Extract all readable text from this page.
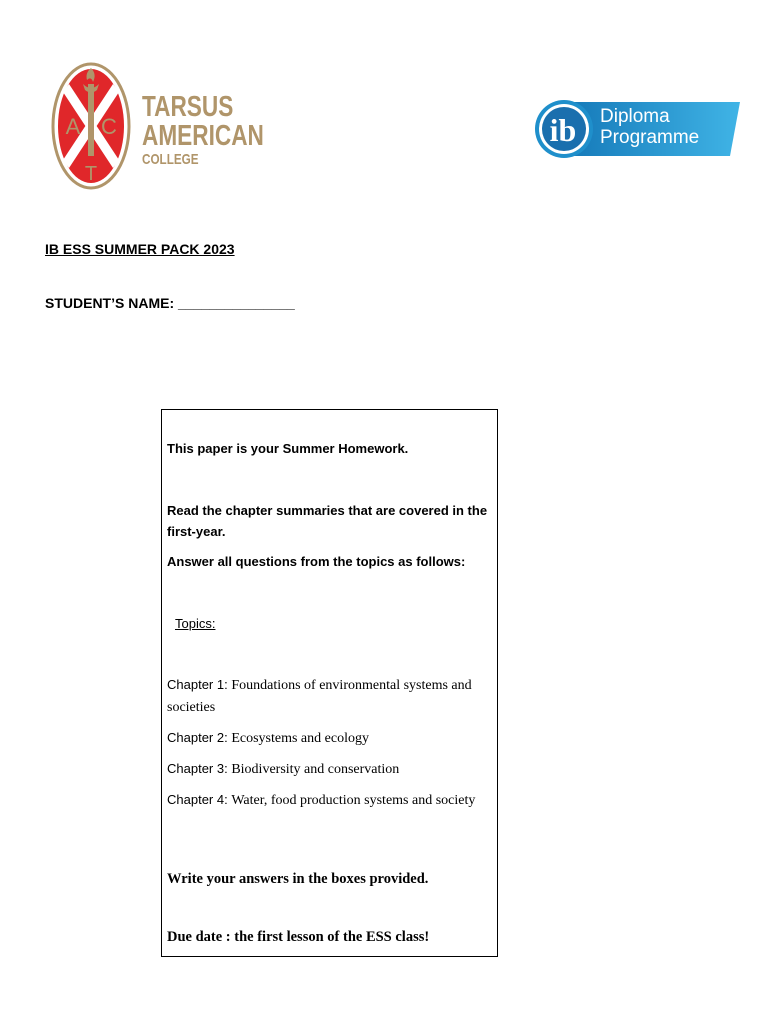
A C
T
TARSUS
AMERICAN
COLLEGE
ib Diploma
Programme
IB ESS SUMMER PACK 2023
STUDENT’S NAME: _______________
This paper is your Summer Homework.
Read the chapter summaries that are covered in the first-year.
Answer all questions from the topics as follows:
Topics:
Chapter 1: Foundations of environmental systems and societies
Chapter 2: Ecosystems and ecology
Chapter 3: Biodiversity and conservation
Chapter 4: Water, food production systems and society
Write your answers in the boxes provided.
Due date : the first lesson of the ESS class!
